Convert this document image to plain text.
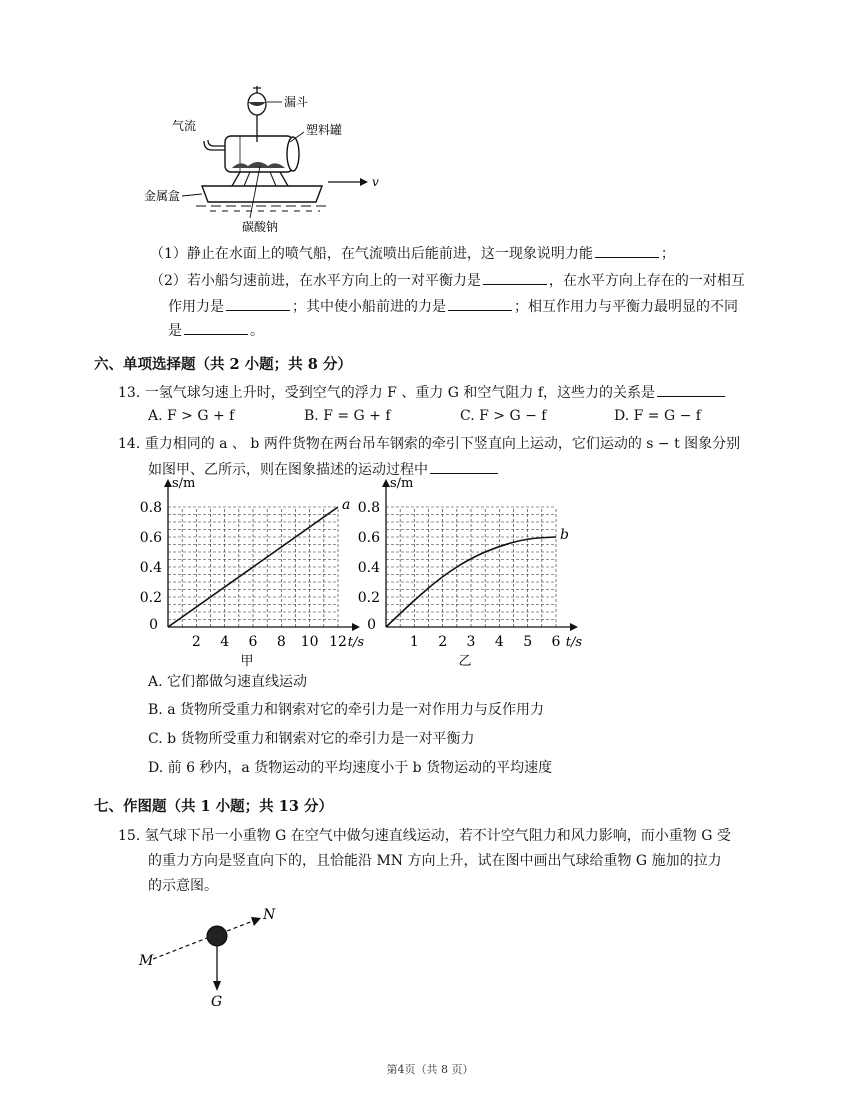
漏斗
气流	塑料罐
金属盒
碳酸钠
v
（1）静止在水面上的喷气船，在气流喷出后能前进，这一现象说明力能	；
（2）若小船匀速前进，在水平方向上的一对平衡力是	，在水平方向上存在的一对相互
作用力是	；其中使小船前进的力是	；相互作用力与平衡力最明显的不同
是	。
六、单项选择题（共 2 小题；共 8 分）
13. 一氢气球匀速上升时，受到空气的浮力 F 、重力 G 和空气阻力 f，这些力的关系是
A. F > G + f	B. F = G + f	C. F > G − f	D. F = G − f
14. 重力相同的 a 、 b 两件货物在两台吊车钢索的牵引下竖直向上运动，它们运动的 s − t 图象分别
如图甲、乙所示，则在图象描述的运动过程中
0.2
0.4
0.6
0.8
2 4 6 8 10 12
0
t/s
s/m
甲
a
0.2
0.4
0.6
0.8
1 2 3 4 5 6
0
t/s
s/m
乙
b
A. 它们都做匀速直线运动
B. a 货物所受重力和钢索对它的牵引力是一对作用力与反作用力
C. b 货物所受重力和钢索对它的牵引力是一对平衡力
D. 前 6 秒内，a 货物运动的平均速度小于 b 货物运动的平均速度
七、作图题（共 1 小题；共 13 分）
15. 氢气球下吊一小重物 G 在空气中做匀速直线运动，若不计空气阻力和风力影响，而小重物 G 受
的重力方向是竖直向下的，且恰能沿 MN 方向上升，试在图中画出气球给重物 G 施加的拉力
的示意图。
M
N
G
第4页（共 8 页）
